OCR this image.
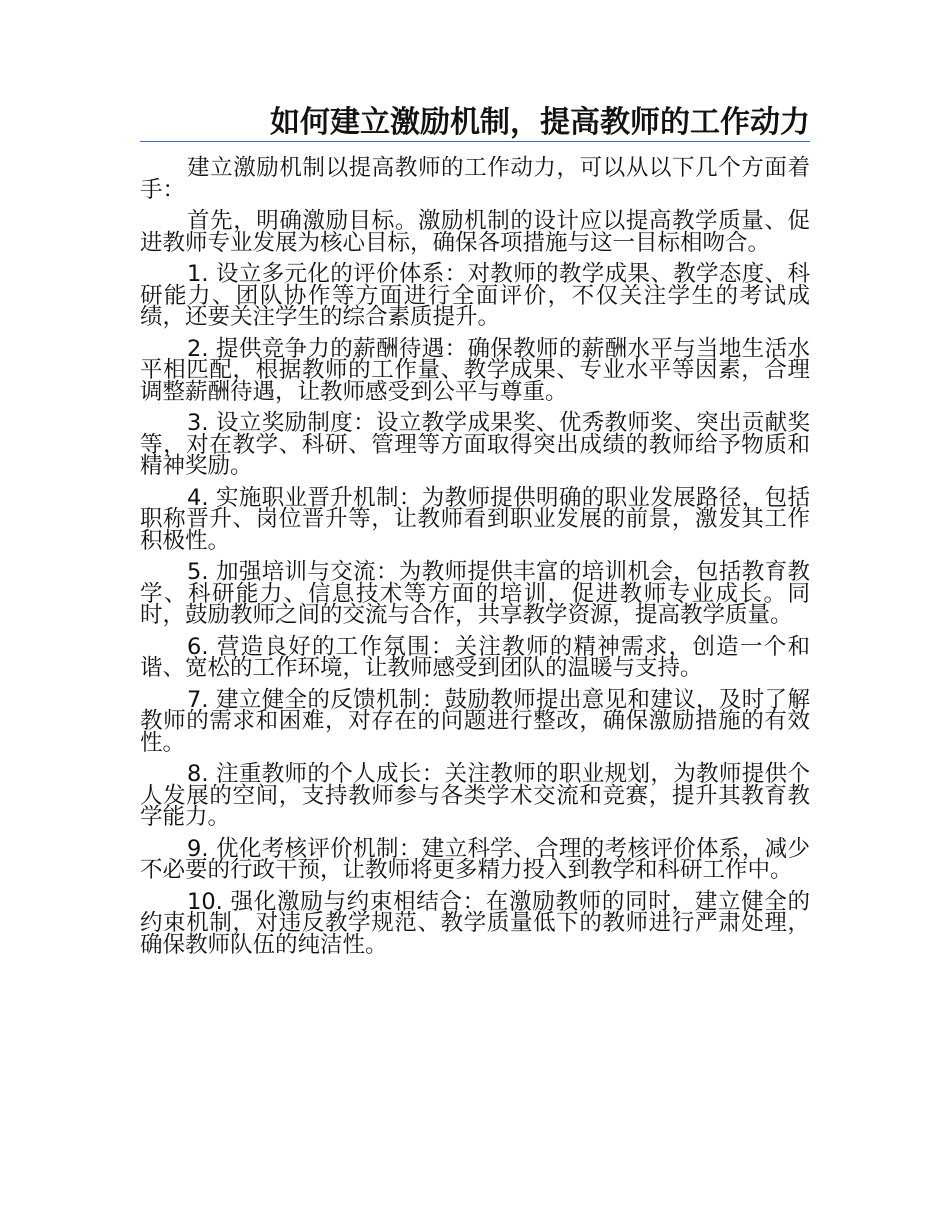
如何建立激励机制，提高教师的工作动力

建立激励机制以提高教师的工作动力，可以从以下几个方面着手：

首先，明确激励目标。激励机制的设计应以提高教学质量、促进教师专业发展为核心目标，确保各项措施与这一目标相吻合。

1. 设立多元化的评价体系：对教师的教学成果、教学态度、科研能力、团队协作等方面进行全面评价，不仅关注学生的考试成绩，还要关注学生的综合素质提升。

2. 提供竞争力的薪酬待遇：确保教师的薪酬水平与当地生活水平相匹配，根据教师的工作量、教学成果、专业水平等因素，合理调整薪酬待遇，让教师感受到公平与尊重。

3. 设立奖励制度：设立教学成果奖、优秀教师奖、突出贡献奖等，对在教学、科研、管理等方面取得突出成绩的教师给予物质和精神奖励。

4. 实施职业晋升机制：为教师提供明确的职业发展路径，包括职称晋升、岗位晋升等，让教师看到职业发展的前景，激发其工作积极性。

5. 加强培训与交流：为教师提供丰富的培训机会，包括教育教学、科研能力、信息技术等方面的培训，促进教师专业成长。同时，鼓励教师之间的交流与合作，共享教学资源，提高教学质量。

6. 营造良好的工作氛围：关注教师的精神需求，创造一个和谐、宽松的工作环境，让教师感受到团队的温暖与支持。

7. 建立健全的反馈机制：鼓励教师提出意见和建议，及时了解教师的需求和困难，对存在的问题进行整改，确保激励措施的有效性。

8. 注重教师的个人成长：关注教师的职业规划，为教师提供个人发展的空间，支持教师参与各类学术交流和竞赛，提升其教育教学能力。

9. 优化考核评价机制：建立科学、合理的考核评价体系，减少不必要的行政干预，让教师将更多精力投入到教学和科研工作中。

10. 强化激励与约束相结合：在激励教师的同时，建立健全的约束机制，对违反教学规范、教学质量低下的教师进行严肃处理，确保教师队伍的纯洁性。
